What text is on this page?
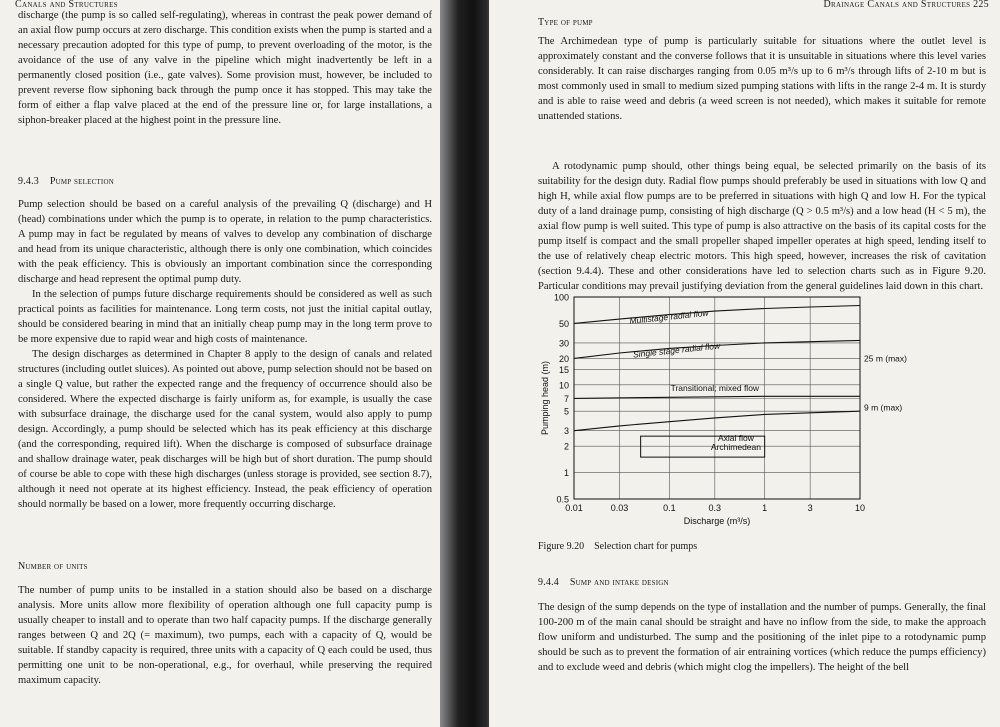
Canals and Structures

discharge (the pump is so called self-regulating), whereas in contrast the peak power demand of an axial flow pump occurs at zero discharge. This condition exists when the pump is started and a necessary precaution adopted for this type of pump, to prevent overloading of the motor, is the avoidance of the use of any valve in the pipeline which might inadvertently be left in a permanently closed position (i.e., gate valves). Some provision must, however, be included to prevent reverse flow siphoning back through the pump once it has stopped. This may take the form of either a flap valve placed at the end of the pressure line or, for large installations, a siphon-breaker placed at the highest point in the pressure line.

9.4.3 Pump selection

Pump selection should be based on a careful analysis of the prevailing Q (discharge) and H (head) combinations under which the pump is to operate, in relation to the pump characteristics. A pump may in fact be regulated by means of valves to develop any combination of discharge and head from its unique characteristic, although there is only one combination, which coincides with the peak efficiency. This is obviously an important combination since the corresponding discharge and head represent the optimal pump duty.

In the selection of pumps future discharge requirements should be considered as well as such practical points as facilities for maintenance. Long term costs, not just the initial capital outlay, should be considered bearing in mind that an initially cheap pump may in the long term prove to be more expensive due to rapid wear and high costs of maintenance.

The design discharges as determined in Chapter 8 apply to the design of canals and related structures (including outlet sluices). As pointed out above, pump selection should not be based on a single Q value, but rather the expected range and the frequency of occurrence should also be considered. Where the expected discharge is fairly uniform as, for example, is usually the case with subsurface drainage, the discharge used for the canal system, would also apply to pump design. Accordingly, a pump should be selected which has its peak efficiency at this discharge (and the corresponding, required lift). When the discharge is composed of subsurface drainage and shallow drainage water, peak discharges will be high but of short duration. The pump should of course be able to cope with these high discharges (unless storage is provided, see section 8.7), although it need not operate at its highest efficiency. Instead, the peak efficiency of operation should normally be based on a lower, more frequently occurring discharge.

Number of units

The number of pump units to be installed in a station should also be based on a discharge analysis. More units allow more flexibility of operation although one full capacity pump is usually cheaper to install and to operate than two half capacity pumps. If the discharge generally ranges between Q and 2Q (= maximum), two pumps, each with a capacity of Q, would be suitable. If standby capacity is required, three units with a capacity of Q each could be used, thus permitting one unit to be non-operational, e.g., for overhaul, while preserving the required maximum capacity.

Drainage Canals and Structures 225
Type of pump

The Archimedean type of pump is particularly suitable for situations where the outlet level is approximately constant and the converse follows that it is unsuitable in situations where this level varies considerably. It can raise discharges ranging from 0.05 m³/s up to 6 m³/s through lifts of 2-10 m but is most commonly used in small to medium sized pumping stations with lifts in the range 2-4 m. It is sturdy and is able to raise weed and debris (a weed screen is not needed), which makes it suitable for remote unattended stations.

A rotodynamic pump should, other things being equal, be selected primarily on the basis of its suitability for the design duty. Radial flow pumps should preferably be used in situations with low Q and high H, while axial flow pumps are to be preferred in situations with high Q and low H. For the typical duty of a land drainage pump, consisting of high discharge (Q > 0.5 m³/s) and a low head (H < 5 m), the axial flow pump is well suited. This type of pump is also attractive on the basis of its capital costs for the pump itself is compact and the small propeller shaped impeller operates at high speed, lending itself to the use of relatively cheap electric motors. This high speed, however, increases the risk of cavitation (section 9.4.4). These and other considerations have led to selection charts such as in Figure 9.20. Particular conditions may prevail justifying deviation from the general guidelines laid down in this chart.

0.5
1
2
3
5
7
10
15
20
30
50
100
0.01	0.03	0.1	0.3	1	3	10
Multistage radial flow
Single stage radial flow
Transitional; mixed flow
Axial flow
Archimedean
25 m (max)
9 m (max)
Discharge (m³/s)
Pumping head (m)
Figure 9.20 Selection chart for pumps
9.4.4 Sump and intake design

The design of the sump depends on the type of installation and the number of pumps. Generally, the final 100-200 m of the main canal should be straight and have no inflow from the side, to make the approach flow uniform and undisturbed. The sump and the positioning of the inlet pipe to a rotodynamic pump should be such as to prevent the formation of air entraining vortices (which reduce the pumps efficiency) and to exclude weed and debris (which might clog the impellers). The height of the bell
